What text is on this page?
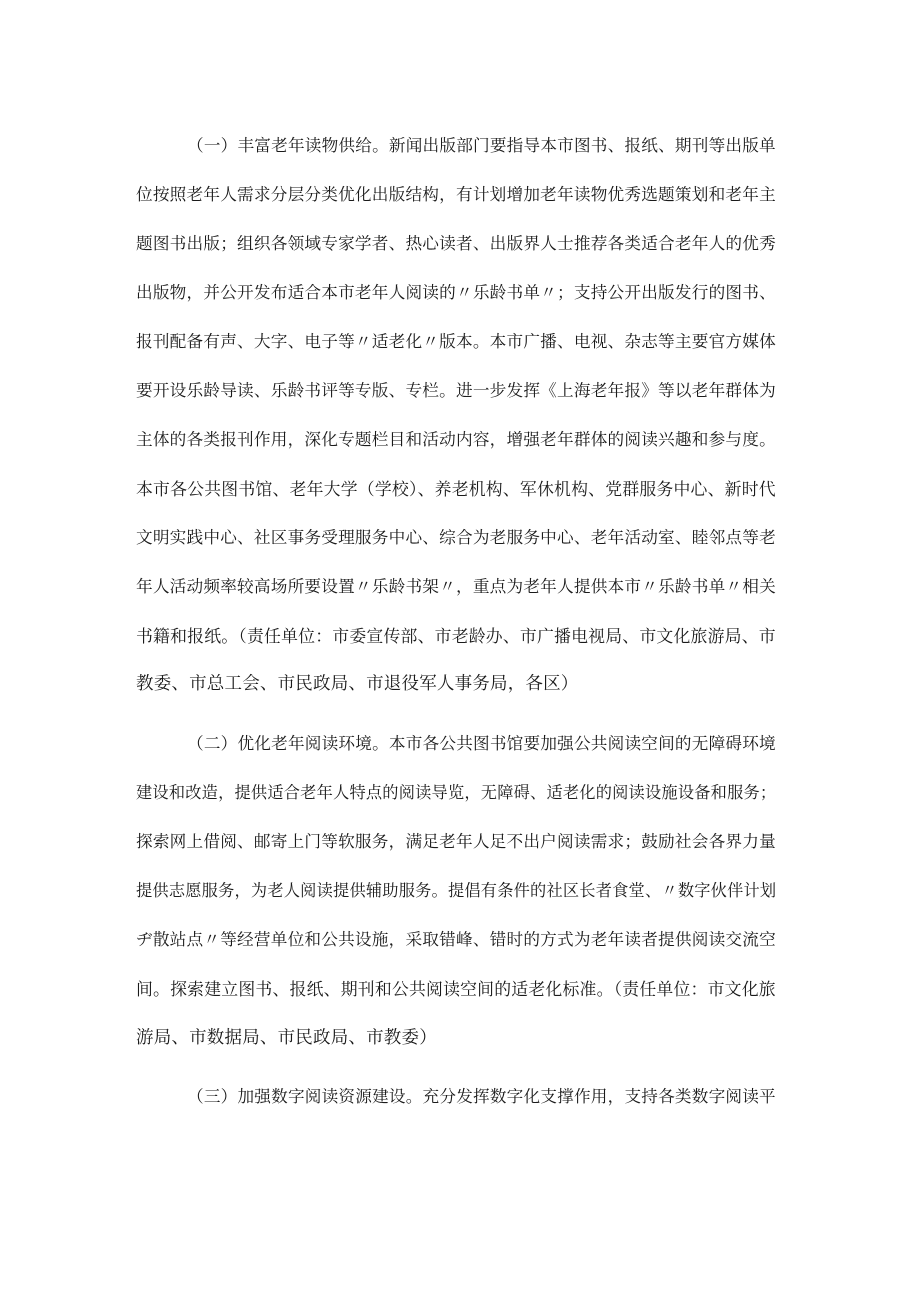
（一）丰富老年读物供给。新闻出版部门要指导本市图书、报纸、期刊等出版单

位按照老年人需求分层分类优化出版结构，有计划增加老年读物优秀选题策划和老年主

题图书出版；组织各领域专家学者、热心读者、出版界人士推荐各类适合老年人的优秀

出版物，并公开发布适合本市老年人阅读的〃乐龄书单〃；支持公开出版发行的图书、

报刊配备有声、大字、电子等〃适老化〃版本。本市广播、电视、杂志等主要官方媒体

要开设乐龄导读、乐龄书评等专版、专栏。进一步发挥《上海老年报》等以老年群体为

主体的各类报刊作用，深化专题栏目和活动内容，增强老年群体的阅读兴趣和参与度。

本市各公共图书馆、老年大学（学校）、养老机构、军休机构、党群服务中心、新时代

文明实践中心、社区事务受理服务中心、综合为老服务中心、老年活动室、睦邻点等老

年人活动频率较高场所要设置〃乐龄书架〃，重点为老年人提供本市〃乐龄书单〃相关

书籍和报纸。（责任单位：市委宣传部、市老龄办、市广播电视局、市文化旅游局、市

教委、市总工会、市民政局、市退役军人事务局，各区）

（二）优化老年阅读环境。本市各公共图书馆要加强公共阅读空间的无障碍环境

建设和改造，提供适合老年人特点的阅读导览，无障碍、适老化的阅读设施设备和服务；

探索网上借阅、邮寄上门等软服务，满足老年人足不出户阅读需求；鼓励社会各界力量

提供志愿服务，为老人阅读提供辅助服务。提倡有条件的社区长者食堂、〃数字伙伴计划

ヂ散站点〃等经营单位和公共设施，采取错峰、错时的方式为老年读者提供阅读交流空

间。探索建立图书、报纸、期刊和公共阅读空间的适老化标准。（责任单位：市文化旅

游局、市数据局、市民政局、市教委）

（三）加强数字阅读资源建设。充分发挥数字化支撑作用，支持各类数字阅读平
